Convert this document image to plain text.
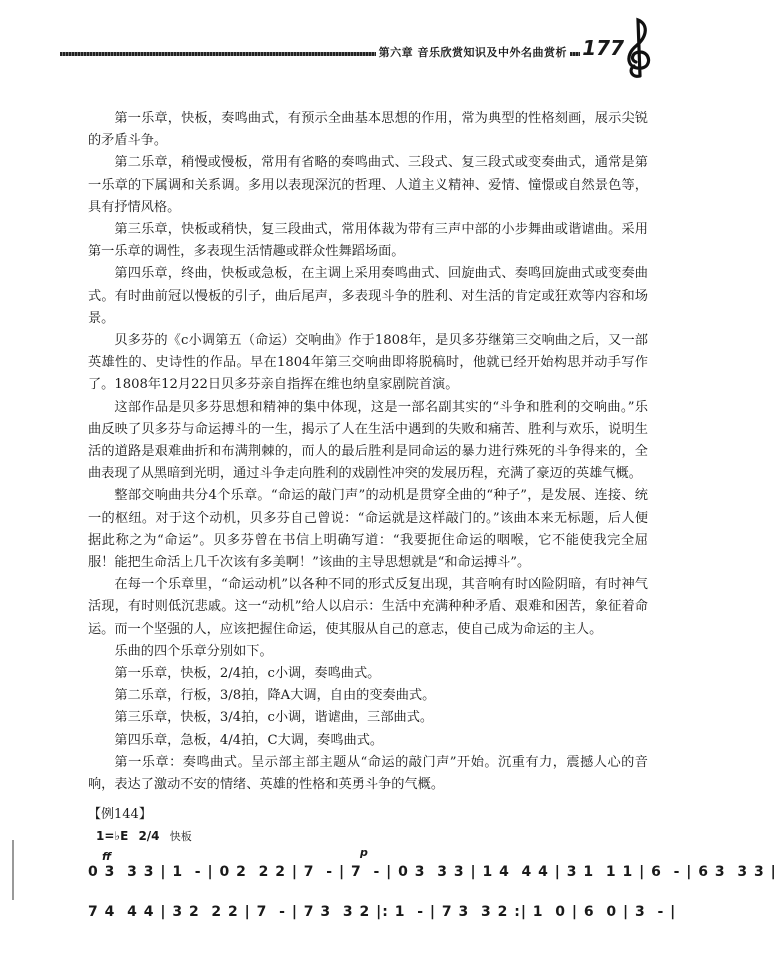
第六章 音乐欣赏知识及中外名曲赏析 177

第一乐章，快板，奏鸣曲式，有预示全曲基本思想的作用，常为典型的性格刻画，展示尖锐的矛盾斗争。

第二乐章，稍慢或慢板，常用有省略的奏鸣曲式、三段式、复三段式或变奏曲式，通常是第一乐章的下属调和关系调。多用以表现深沉的哲理、人道主义精神、爱情、憧憬或自然景色等，具有抒情风格。

第三乐章，快板或稍快，复三段曲式，常用体裁为带有三声中部的小步舞曲或谐谑曲。采用第一乐章的调性，多表现生活情趣或群众性舞蹈场面。

第四乐章，终曲，快板或急板，在主调上采用奏鸣曲式、回旋曲式、奏鸣回旋曲式或变奏曲式。有时曲前冠以慢板的引子，曲后尾声，多表现斗争的胜利、对生活的肯定或狂欢等内容和场景。

贝多芬的《c小调第五（命运）交响曲》作于1808年，是贝多芬继第三交响曲之后，又一部英雄性的、史诗性的作品。早在1804年第三交响曲即将脱稿时，他就已经开始构思并动手写作了。1808年12月22日贝多芬亲自指挥在维也纳皇家剧院首演。

这部作品是贝多芬思想和精神的集中体现，这是一部名副其实的“斗争和胜利的交响曲。”乐曲反映了贝多芬与命运搏斗的一生，揭示了人在生活中遇到的失败和痛苦、胜利与欢乐，说明生活的道路是艰难曲折和布满荆棘的，而人的最后胜利是同命运的暴力进行殊死的斗争得来的，全曲表现了从黑暗到光明，通过斗争走向胜利的戏剧性冲突的发展历程，充满了豪迈的英雄气概。

整部交响曲共分4个乐章。“命运的敲门声”的动机是贯穿全曲的“种子”，是发展、连接、统一的枢纽。对于这个动机，贝多芬自己曾说：“命运就是这样敲门的。”该曲本来无标题，后人便据此称之为“命运”。贝多芬曾在书信上明确写道：“我要扼住命运的咽喉，它不能使我完全屈服！能把生命活上几千次该有多美啊！”该曲的主导思想就是“和命运搏斗”。

在每一个乐章里，“命运动机”以各种不同的形式反复出现，其音响有时凶险阴暗，有时神气活现，有时则低沉悲戚。这一“动机”给人以启示：生活中充满种种矛盾、艰难和困苦，象征着命运。而一个坚强的人，应该把握住命运，使其服从自己的意志，使自己成为命运的主人。

乐曲的四个乐章分别如下。

第一乐章，快板，2/4拍，c小调，奏鸣曲式。

第二乐章，行板，3/8拍，降A大调，自由的变奏曲式。

第三乐章，快板，3/4拍，c小调，谐谑曲，三部曲式。

第四乐章，急板，4/4拍，C大调，奏鸣曲式。

第一乐章：奏鸣曲式。呈示部主部主题从“命运的敲门声”开始。沉重有力，震撼人心的音响，表达了激动不安的情绪、英雄的性格和英勇斗争的气概。

【例144】
1=♭E 2/4 快板
ff	p
0 3  3 3 | 1  - | 0 2  2 2 | 7  - | 7  - | 0 3  3 3 | 1 4  4 4 | 3 1  1 1 | 6  - | 6 3  3 3 |
7 4  4 4 | 3 2  2 2 | 7  - | 7 3  3 2 |: 1  - | 7 3  3 2 :| 1  0 | 6  0 | 3  - |
